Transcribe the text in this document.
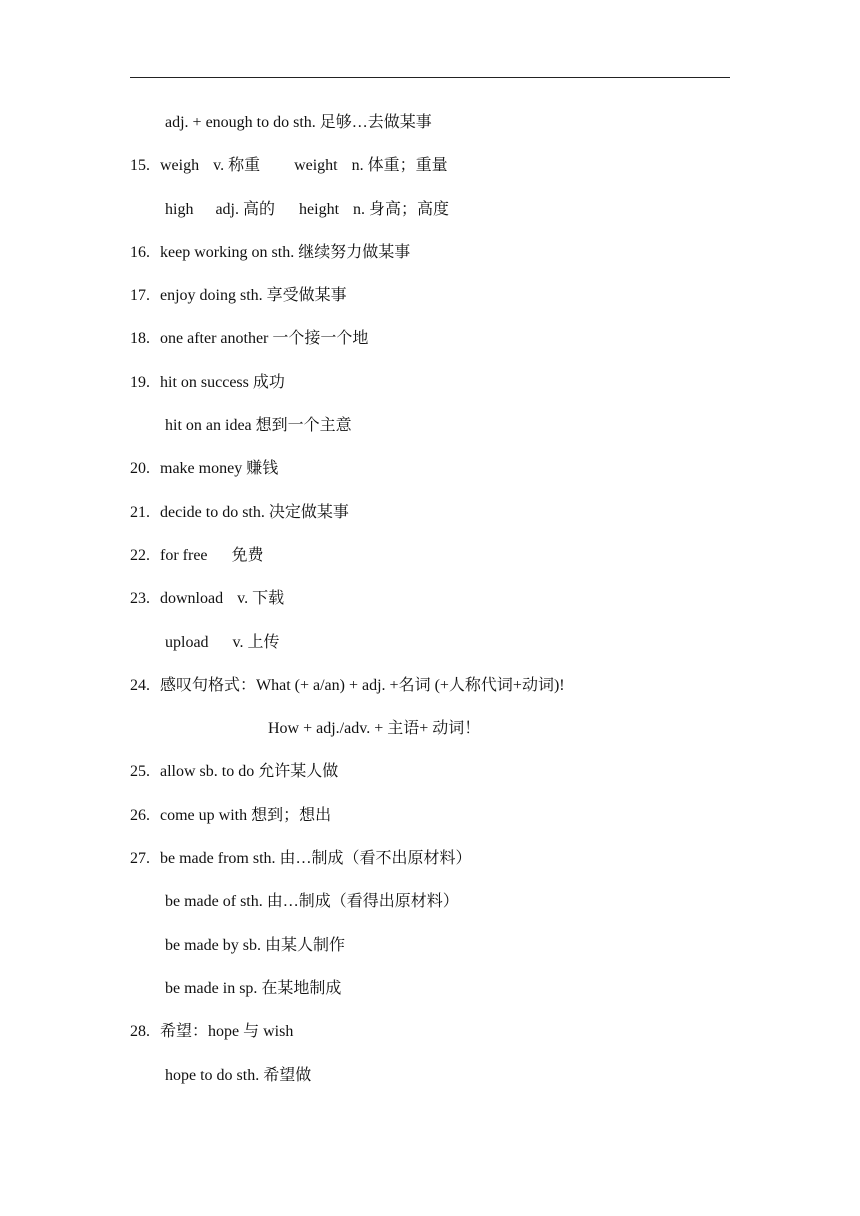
adj. + enough to do sth. 足够…去做某事
15. weigh v. 称重 weight n. 体重；重量
high adj. 高的 height n. 身高；高度
16. keep working on sth. 继续努力做某事
17. enjoy doing sth. 享受做某事
18. one after another 一个接一个地
19. hit on success 成功
hit on an idea 想到一个主意
20. make money 赚钱
21. decide to do sth. 决定做某事
22. for free 免费
23. download v. 下载
upload v. 上传
24. 感叹句格式：What (+ a/an) + adj. +名词 (+人称代词+动词)!
How + adj./adv. + 主语+ 动词！
25. allow sb. to do 允许某人做
26. come up with 想到；想出
27. be made from sth. 由…制成（看不出原材料）
be made of sth. 由…制成（看得出原材料）
be made by sb. 由某人制作
be made in sp. 在某地制成
28. 希望：hope 与 wish
hope to do sth. 希望做
